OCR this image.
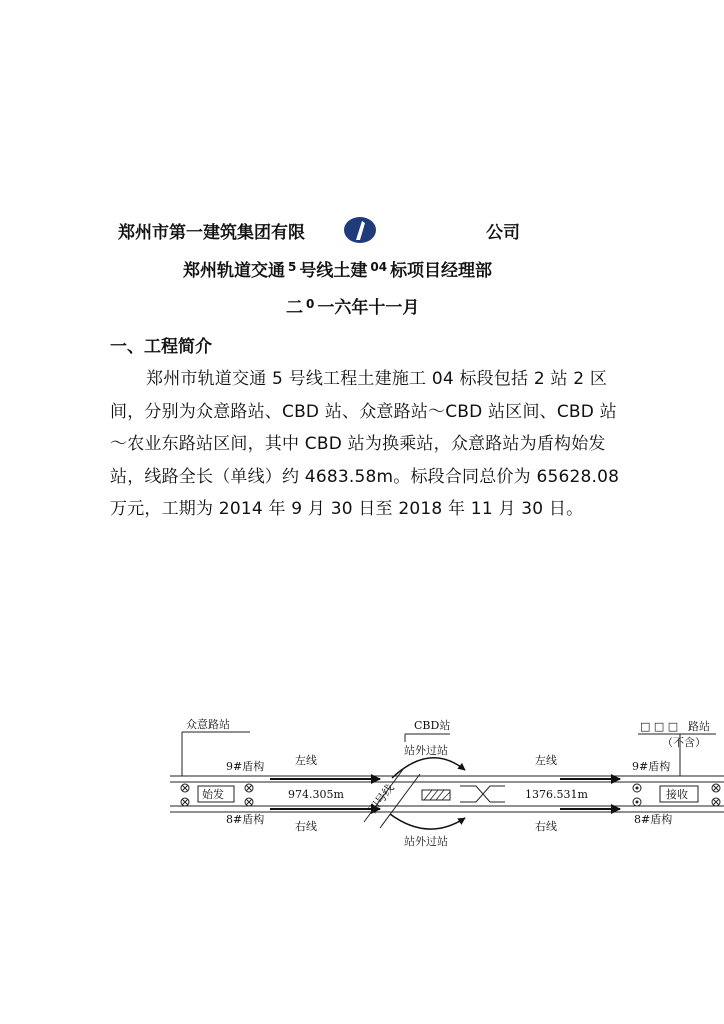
郑州市第一建筑集团有限	公司
郑州轨道交通 $^5$ 号线土建 $^{04}$ 标项目经理部
二 $^0$ 一六年十一月
一、工程简介

郑州市轨道交通 5 号线工程土建施工 04 标段包括 2 站 2 区间，分别为众意路站、CBD 站、众意路站～CBD 站区间、CBD 站～农业东路站区间，其中 CBD 站为换乘站，众意路站为盾构始发站，线路全长（单线）约 4683.58m。标段合同总价为 65628.08 万元，工期为 2014 年 9 月 30 日至 2018 年 11 月 30 日。

众意路站
9#盾构
8#盾构
始发
左线
右线
974.305m
CBD站
站外过站
站外过站
四号线
左线
右线
1376.531m
□ □ □ 路站
（不含）
9#盾构
8#盾构
接收
